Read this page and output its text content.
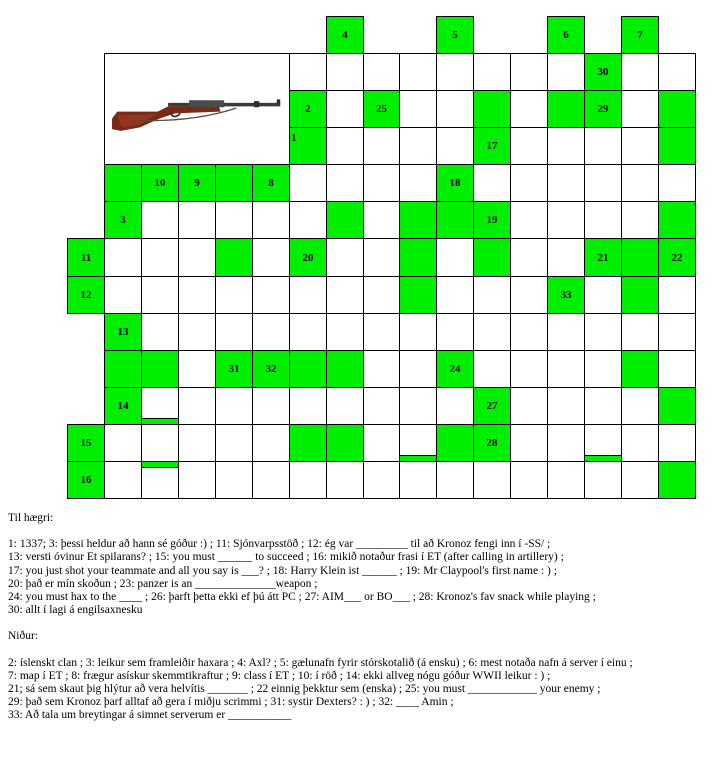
4	5	6	7
30
2	25	29
1
17
10	9	8	18
3	19
11	20	21	22
12	33
13
31	32	24
14	27
15	28
16
Til hægri:
1: 1337; 3: þessi heldur að hann sé góður :) ; 11: Sjónvarpsstöð ; 12: ég var _________ til að Kronoz fengi inn í -SS/ ;
13: versti óvinur Et spilarans? ; 15: you must ______ to succeed ; 16: mikið notaður frasi í ET (after calling in artillery) ;
17: you just shot your teammate and all you say is ___? ; 18: Harry Klein ist ______ ; 19: Mr Claypool's first name : ) ;
20: það er mín skoðun ; 23: panzer is an ______________weapon ;
24: you must hax to the ____ ; 26: þarft þetta ekki ef þú átt PC ; 27: AIM___ or BO___ ; 28: Kronoz's fav snack while playing ;
30: allt í lagi á engilsaxnesku
Niður:
2: íslenskt clan ; 3: leikur sem framleiðir haxara ; 4: Axl? ; 5: gælunafn fyrir stórskotalið (á ensku) ; 6: mest notaða nafn á server í einu ;
7: map í ET ; 8: frægur asískur skemmtikraftur ; 9: class í ET ; 10: í röð ; 14: ekki allveg nógu góður WWII leikur : ) ;
21; sá sem skaut þig hlýtur að vera helvítis _______ ; 22 einnig þekktur sem (enska) ; 25: you must ____________ your enemy ;
29: það sem Kronoz þarf alltaf að gera í miðju scrimmi ; 31: systir Dexters? : ) ; 32: ____ Amin ;
33: Að tala um breytingar á simnet serverum er ___________
